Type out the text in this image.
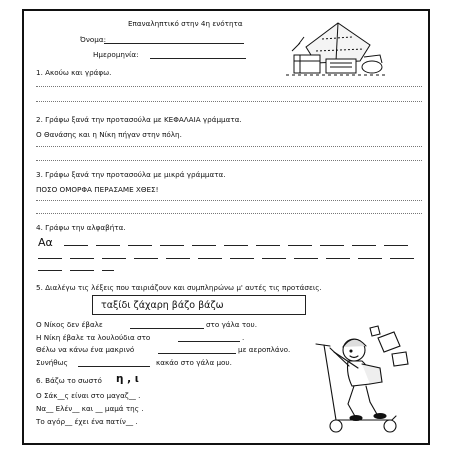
Επαναληπτικό στην 4η ενότητα
Όνομα:
Ημερομηνία:
1. Ακούω και γράφω.
2. Γράφω ξανά την προτασούλα με ΚΕΦΑΛΑΙΑ γράμματα.
Ο Θανάσης και η Νίκη πήγαν στην πόλη.
3. Γράφω ξανά την προτασούλα με μικρά γράμματα.
ΠΟΣΟ ΟΜΟΡΦΑ ΠΕΡΑΣΑΜΕ ΧΘΕΣ!
4. Γράφω την αλφαβήτα.
Αα
5. Διαλέγω τις λέξεις που ταιριάζουν και συμπληρώνω μ' αυτές τις προτάσεις.
ταξίδι ζάχαρη βάζο βάζω
Ο Νίκος δεν έβαλε	στο γάλα του.
Η Νίκη έβαλε τα λουλούδια στο	.
Θέλω να κάνω ένα μακρινό	με αεροπλάνο.
Συνήθως	κακάο στο γάλα μου.
6. Βάζω το σωστό η , ι
Ο Σάκ__ς είναι στο μαγαζ__ .
Να__ Ελέν__ και __ μαμά της .
Το αγόρ__ έχει ένα πατίν__ .
